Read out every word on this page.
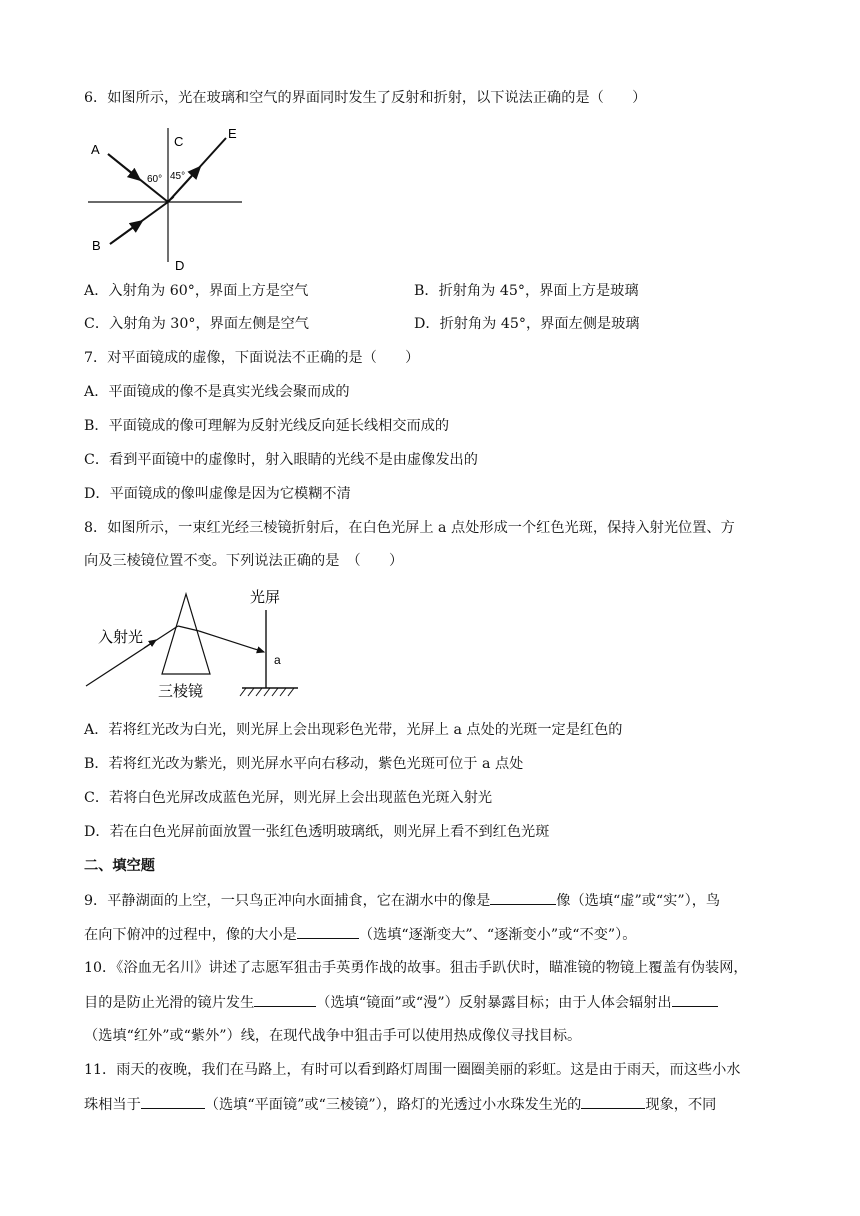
6．如图所示，光在玻璃和空气的界面同时发生了反射和折射，以下说法正确的是（　　）
A
B
C
D
E
60° 45°
A．入射角为 60°，界面上方是空气	B．折射角为 45°，界面上方是玻璃
C．入射角为 30°，界面左侧是空气	D．折射角为 45°，界面左侧是玻璃
7．对平面镜成的虚像，下面说法不正确的是（　　）
A．平面镜成的像不是真实光线会聚而成的
B．平面镜成的像可理解为反射光线反向延长线相交而成的
C．看到平面镜中的虚像时，射入眼睛的光线不是由虚像发出的
D．平面镜成的像叫虚像是因为它模糊不清
8．如图所示，一束红光经三棱镜折射后，在白色光屏上 a 点处形成一个红色光斑，保持入射光位置、方
向及三棱镜位置不变。下列说法正确的是　（　　）
入射光
光屏
三棱镜
a
A．若将红光改为白光，则光屏上会出现彩色光带，光屏上 a 点处的光斑一定是红色的
B．若将红光改为紫光，则光屏水平向右移动，紫色光斑可位于 a 点处
C．若将白色光屏改成蓝色光屏，则光屏上会出现蓝色光斑入射光
D．若在白色光屏前面放置一张红色透明玻璃纸，则光屏上看不到红色光斑
二、填空题
9．平静湖面的上空，一只鸟正冲向水面捕食，它在湖水中的像是	像（选填“虚”或“实”），鸟
在向下俯冲的过程中，像的大小是	（选填“逐渐变大”、“逐渐变小”或“不变”）。
10．《浴血无名川》讲述了志愿军狙击手英勇作战的故事。狙击手趴伏时，瞄准镜的物镜上覆盖有伪装网，
目的是防止光滑的镜片发生	（选填“镜面”或“漫”）反射暴露目标；由于人体会辐射出
（选填“红外”或“紫外”）线，在现代战争中狙击手可以使用热成像仪寻找目标。
11．雨天的夜晚，我们在马路上，有时可以看到路灯周围一圈圈美丽的彩虹。这是由于雨天，而这些小水
珠相当于	（选填“平面镜”或“三棱镜”），路灯的光透过小水珠发生光的	现象，不同
